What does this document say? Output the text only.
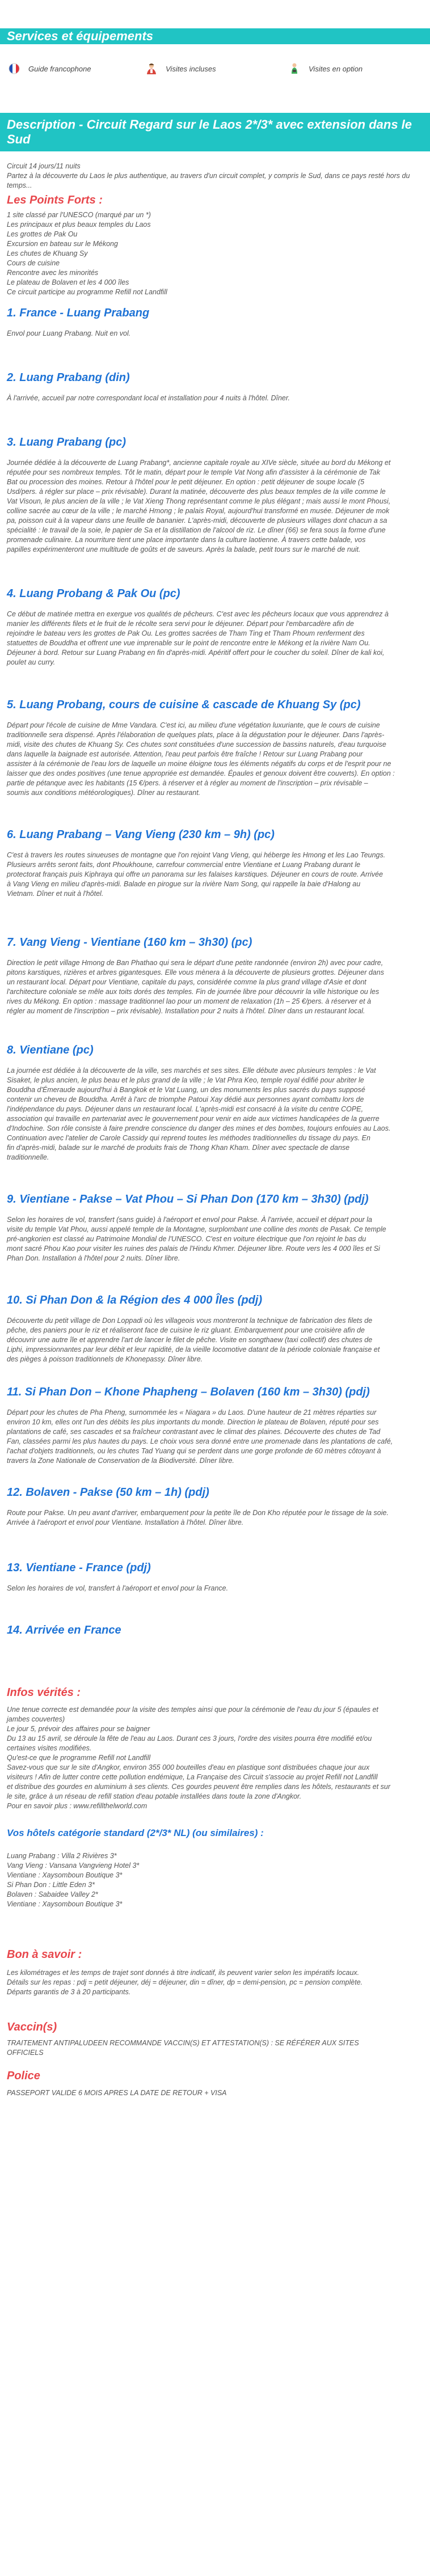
Services et équipements
Guide francophone	Visites incluses	Visites en option
Description - Circuit Regard sur le Laos 2*/3* avec extension dans le Sud

Circuit 14 jours/11 nuits

Partez à la découverte du Laos le plus authentique, au travers d'un circuit complet, y compris le Sud, dans ce pays resté hors du temps...

Les Points Forts :

1 site classé par l'UNESCO (marqué par un *)
Les principaux et plus beaux temples du Laos
Les grottes de Pak Ou
Excursion en bateau sur le Mékong
Les chutes de Khuang Sy
Cours de cuisine
Rencontre avec les minorités
Le plateau de Bolaven et les 4 000 îles
Ce circuit participe au programme Refill not Landfill

1. France - Luang Prabang

Envol pour Luang Prabang. Nuit en vol.

2. Luang Prabang (din)

À l'arrivée, accueil par notre correspondant local et installation pour 4 nuits à l'hôtel. Dîner.

3. Luang Prabang (pc)

Journée dédiée à la découverte de Luang Prabang*, ancienne capitale royale au XIVe siècle, située au bord du Mékong et
réputée pour ses nombreux temples. Tôt le matin, départ pour le temple Vat Nong afin d'assister à la cérémonie de Tak
Bat ou procession des moines. Retour à l'hôtel pour le petit déjeuner. En option : petit déjeuner de soupe locale (5
Usd/pers. à régler sur place – prix révisable). Durant la matinée, découverte des plus beaux temples de la ville comme le
Vat Visoun, le plus ancien de la ville ; le Vat Xieng Thong représentant comme le plus élégant ; mais aussi le mont Phousi,
colline sacrée au cœur de la ville ; le marché Hmong ; le palais Royal, aujourd'hui transformé en musée. Déjeuner de mok
pa, poisson cuit à la vapeur dans une feuille de bananier. L'après-midi, découverte de plusieurs villages dont chacun a sa
spécialité : le travail de la soie, le papier de Sa et la distillation de l'alcool de riz. Le dîner (66) se fera sous la forme d'une
promenade culinaire. La nourriture tient une place importante dans la culture laotienne. À travers cette balade, vos
papilles expérimenteront une multitude de goûts et de saveurs. Après la balade, petit tours sur le marché de nuit.

4. Luang Probang & Pak Ou (pc)

Ce début de matinée mettra en exergue vos qualités de pêcheurs. C'est avec les pêcheurs locaux que vous apprendrez à
manier les différents filets et le fruit de le récolte sera servi pour le déjeuner. Départ pour l'embarcadère afin de
rejoindre le bateau vers les grottes de Pak Ou. Les grottes sacrées de Tham Ting et Tham Phoum renferment des
statuettes de Bouddha et offrent une vue imprenable sur le point de rencontre entre le Mékong et la rivière Nam Ou.
Déjeuner à bord. Retour sur Luang Prabang en fin d'après-midi. Apéritif offert pour le coucher du soleil. Dîner de kali koi,
poulet au curry.

5. Luang Probang, cours de cuisine & cascade de Khuang Sy (pc)

Départ pour l'école de cuisine de Mme Vandara. C'est ici, au milieu d'une végétation luxuriante, que le cours de cuisine
traditionnelle sera dispensé. Après l'élaboration de quelques plats, place à la dégustation pour le déjeuner. Dans l'après-
midi, visite des chutes de Khuang Sy. Ces chutes sont constituées d'une succession de bassins naturels, d'eau turquoise
dans laquelle la baignade est autorisée. Attention, l'eau peut parfois être fraîche ! Retour sur Luang Prabang pour
assister à la cérémonie de l'eau lors de laquelle un moine éloigne tous les éléments négatifs du corps et de l'esprit pour ne
laisser que des ondes positives (une tenue appropriée est demandée. Épaules et genoux doivent être couverts). En option :
partie de pétanque avec les habitants (15 €/pers. à réserver et à régler au moment de l'inscription – prix révisable –
soumis aux conditions météorologiques). Dîner au restaurant.

6. Luang Prabang – Vang Vieng (230 km – 9h) (pc)

C'est à travers les routes sinueuses de montagne que l'on rejoint Vang Vieng, qui héberge les Hmong et les Lao Teungs.
Plusieurs arrêts seront faits, dont Phoukhoune, carrefour commercial entre Vientiane et Luang Prabang durant le
protectorat français puis Kiphraya qui offre un panorama sur les falaises karstiques. Déjeuner en cours de route. Arrivée
à Vang Vieng en milieu d'après-midi. Balade en pirogue sur la rivière Nam Song, qui rappelle la baie d'Halong au
Vietnam. Dîner et nuit à l'hôtel.

7. Vang Vieng - Vientiane (160 km – 3h30) (pc)

Direction le petit village Hmong de Ban Phathao qui sera le départ d'une petite randonnée (environ 2h) avec pour cadre,
pitons karstiques, rizières et arbres gigantesques. Elle vous mènera à la découverte de plusieurs grottes. Déjeuner dans
un restaurant local. Départ pour Vientiane, capitale du pays, considérée comme la plus grand village d'Asie et dont
l'architecture coloniale se mêle aux toits dorés des temples. Fin de journée libre pour découvrir la ville historique ou les
rives du Mékong. En option : massage traditionnel lao pour un moment de relaxation (1h – 25 €/pers. à réserver et à
régler au moment de l'inscription – prix révisable). Installation pour 2 nuits à l'hôtel. Dîner dans un restaurant local.

8. Vientiane (pc)

La journée est dédiée à la découverte de la ville, ses marchés et ses sites. Elle débute avec plusieurs temples : le Vat
Sisaket, le plus ancien, le plus beau et le plus grand de la ville ; le Vat Phra Keo, temple royal édifié pour abriter le
Bouddha d'Émeraude aujourd'hui à Bangkok et le Vat Luang, un des monuments les plus sacrés du pays supposé
contenir un cheveu de Bouddha. Arrêt à l'arc de triomphe Patoui Xay dédié aux personnes ayant combattu lors de
l'indépendance du pays. Déjeuner dans un restaurant local. L'après-midi est consacré à la visite du centre COPE,
association qui travaille en partenariat avec le gouvernement pour venir en aide aux victimes handicapées de la guerre
d'Indochine. Son rôle consiste à faire prendre conscience du danger des mines et des bombes, toujours enfouies au Laos.
Continuation avec l'atelier de Carole Cassidy qui reprend toutes les méthodes traditionnelles du tissage du pays. En
fin d'après-midi, balade sur le marché de produits frais de Thong Khan Kham. Dîner avec spectacle de danse
traditionnelle.

9. Vientiane - Pakse – Vat Phou – Si Phan Don (170 km – 3h30) (pdj)

Selon les horaires de vol, transfert (sans guide) à l'aéroport et envol pour Pakse. À l'arrivée, accueil et départ pour la
visite du temple Vat Phou, aussi appelé temple de la Montagne, surplombant une colline des monts de Pasak. Ce temple
pré-angkorien est classé au Patrimoine Mondial de l'UNESCO. C'est en voiture électrique que l'on rejoint le bas du
mont sacré Phou Kao pour visiter les ruines des palais de l'Hindu Khmer. Déjeuner libre. Route vers les 4 000 îles et Si
Phan Don. Installation à l'hôtel pour 2 nuits. Dîner libre.

10. Si Phan Don & la Région des 4 000 Îles (pdj)

Découverte du petit village de Don Loppadi où les villageois vous montreront la technique de fabrication des filets de
pêche, des paniers pour le riz et réaliseront face de cuisine le riz gluant. Embarquement pour une croisière afin de
découvrir une autre île et apprendre l'art de lancer le filet de pêche. Visite en songthaew (taxi collectif) des chutes de
Liphi, impressionnantes par leur débit et leur rapidité, de la vieille locomotive datant de la période coloniale française et
des pièges à poisson traditionnels de Khonepassy. Dîner libre.

11. Si Phan Don – Khone Phapheng – Bolaven (160 km – 3h30) (pdj)

Départ pour les chutes de Pha Pheng, surnommée les « Niagara » du Laos. D'une hauteur de 21 mètres réparties sur
environ 10 km, elles ont l'un des débits les plus importants du monde. Direction le plateau de Bolaven, réputé pour ses
plantations de café, ses cascades et sa fraîcheur contrastant avec le climat des plaines. Découverte des chutes de Tad
Fan, classées parmi les plus hautes du pays. Le choix vous sera donné entre une promenade dans les plantations de café,
l'achat d'objets traditionnels, ou les chutes Tad Yuang qui se perdent dans une gorge profonde de 60 mètres côtoyant à
travers la Zone Nationale de Conservation de la Biodiversité. Dîner libre.

12. Bolaven - Pakse (50 km – 1h) (pdj)

Route pour Pakse. Un peu avant d'arriver, embarquement pour la petite île de Don Kho réputée pour le tissage de la soie.
Arrivée à l'aéroport et envol pour Vientiane. Installation à l'hôtel. Dîner libre.

13. Vientiane - France (pdj)

Selon les horaires de vol, transfert à l'aéroport et envol pour la France.

14. Arrivée en France

Infos vérités :

Une tenue correcte est demandée pour la visite des temples ainsi que pour la cérémonie de l'eau du jour 5 (épaules et
jambes couvertes)
Le jour 5, prévoir des affaires pour se baigner
Du 13 au 15 avril, se déroule la fête de l'eau au Laos. Durant ces 3 jours, l'ordre des visites pourra être modifié et/ou
certaines visites modifiées.
Qu'est-ce que le programme Refill not Landfill
Savez-vous que sur le site d'Angkor, environ 355 000 bouteilles d'eau en plastique sont distribuées chaque jour aux
visiteurs ! Afin de lutter contre cette pollution endémique, La Française des Circuit s'associe au projet Refill not Landfill
et distribue des gourdes en aluminium à ses clients. Ces gourdes peuvent être remplies dans les hôtels, restaurants et sur
le site, grâce à un réseau de refill station d'eau potable installées dans toute la zone d'Angkor.
Pour en savoir plus : www.refillthelworld.com

Vos hôtels catégorie standard (2*/3* NL) (ou similaires) :

Luang Prabang : Villa 2 Rivières 3*
Vang Vieng : Vansana Vangvieng Hotel 3*
Vientiane : Xaysomboun Boutique 3*
Si Phan Don : Little Eden 3*
Bolaven : Sabaidee Valley 2*
Vientiane : Xaysomboun Boutique 3*

Bon à savoir :

Les kilométrages et les temps de trajet sont donnés à titre indicatif, ils peuvent varier selon les impératifs locaux.
Détails sur les repas : pdj = petit déjeuner, déj = déjeuner, din = dîner, dp = demi-pension, pc = pension complète.
Départs garantis de 3 à 20 participants.

Vaccin(s)

TRAITEMENT ANTIPALUDEEN RECOMMANDE VACCIN(S) ET ATTESTATION(S) : SE RÉFÉRER AUX SITES
OFFICIELS

Police

PASSEPORT VALIDE 6 MOIS APRES LA DATE DE RETOUR + VISA
